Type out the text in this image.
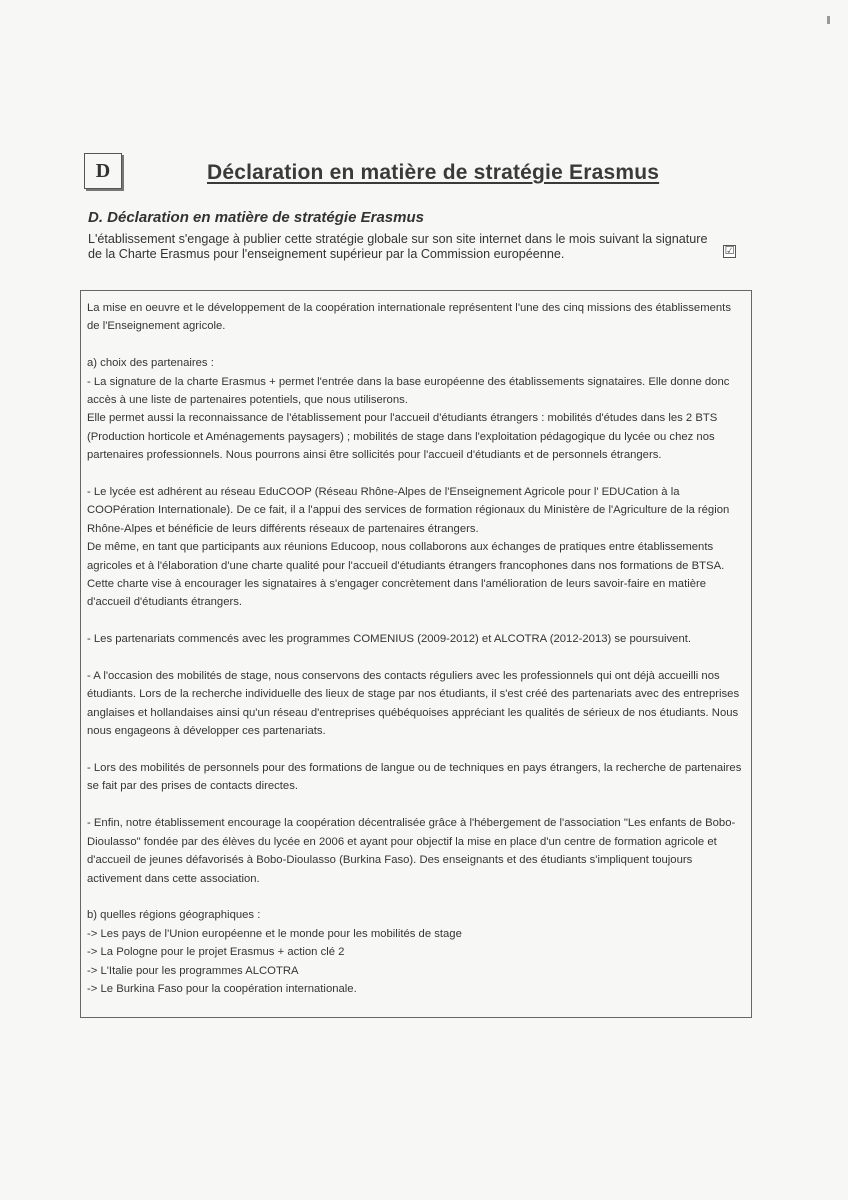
D	Déclaration en matière de stratégie Erasmus
D. Déclaration en matière de stratégie Erasmus
L'établissement s'engage à publier cette stratégie globale sur son site internet dans le mois suivant la signature de la Charte Erasmus pour l'enseignement supérieur par la Commission européenne.	☑

La mise en oeuvre et le développement de la coopération internationale représentent l'une des cinq missions des établissements de l'Enseignement agricole.

a) choix des partenaires :

- La signature de la charte Erasmus + permet l'entrée dans la base européenne des établissements signataires. Elle donne donc accès à une liste de partenaires potentiels, que nous utiliserons.

Elle permet aussi la reconnaissance de l'établissement pour l'accueil d'étudiants étrangers : mobilités d'études dans les 2 BTS (Production horticole et Aménagements paysagers) ; mobilités de stage dans l'exploitation pédagogique du lycée ou chez nos partenaires professionnels. Nous pourrons ainsi être sollicités pour l'accueil d'étudiants et de personnels étrangers.

- Le lycée est adhérent au réseau EduCOOP (Réseau Rhône-Alpes de l'Enseignement Agricole pour l' EDUCation à la COOPération Internationale). De ce fait, il a l'appui des services de formation régionaux du Ministère de l'Agriculture de la région Rhône-Alpes et bénéficie de leurs différents réseaux de partenaires étrangers.

De même, en tant que participants aux réunions Educoop, nous collaborons aux échanges de pratiques entre établissements agricoles et à l'élaboration d'une charte qualité pour l'accueil d'étudiants étrangers francophones dans nos formations de BTSA. Cette charte vise à encourager les signataires à s'engager concrètement dans l'amélioration de leurs savoir-faire en matière d'accueil d'étudiants étrangers.

- Les partenariats commencés avec les programmes COMENIUS (2009-2012) et ALCOTRA (2012-2013) se poursuivent.

- A l'occasion des mobilités de stage, nous conservons des contacts réguliers avec les professionnels qui ont déjà accueilli nos étudiants. Lors de la recherche individuelle des lieux de stage par nos étudiants, il s'est créé des partenariats avec des entreprises anglaises et hollandaises ainsi qu'un réseau d'entreprises québéquoises appréciant les qualités de sérieux de nos étudiants. Nous nous engageons à développer ces partenariats.

- Lors des mobilités de personnels pour des formations de langue ou de techniques en pays étrangers, la recherche de partenaires se fait par des prises de contacts directes.

- Enfin, notre établissement encourage la coopération décentralisée grâce à l'hébergement de l'association "Les enfants de Bobo-Dioulasso" fondée par des élèves du lycée en 2006 et ayant pour objectif la mise en place d'un centre de formation agricole et d'accueil de jeunes défavorisés à Bobo-Dioulasso (Burkina Faso). Des enseignants et des étudiants s'impliquent toujours activement dans cette association.

b) quelles régions géographiques :

-> Les pays de l'Union européenne et le monde pour les mobilités de stage

-> La Pologne pour le projet Erasmus + action clé 2

-> L'Italie pour les programmes ALCOTRA

-> Le Burkina Faso pour la coopération internationale.
